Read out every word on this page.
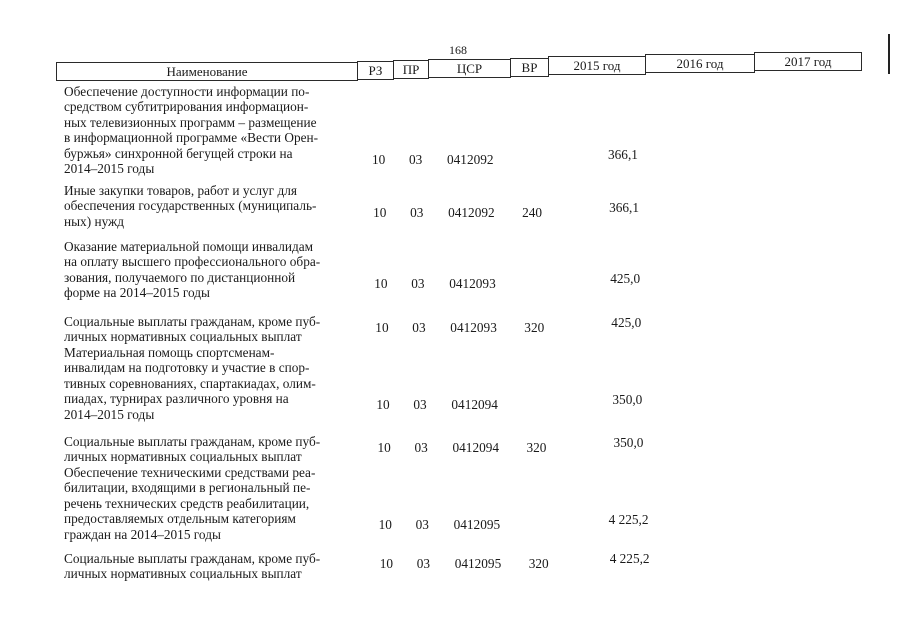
168
Наименование	РЗ	ПР	ЦСР	ВР	2015 год	2016 год	2017 год
Обеспечение доступности информации по-
средством субтитрирования информацион-
ных телевизионных программ – размещение
в информационной программе «Вести Орен-
буржья» синхронной бегущей строки на
2014–2015 годы
10 03 0412092	366,1
Иные закупки товаров, работ и услуг для
обеспечения государственных (муниципаль-
ных) нужд
10 03 0412092 240	366,1
Оказание материальной помощи инвалидам
на оплату высшего профессионального обра-
зования, получаемого по дистанционной
форме на 2014–2015 годы
10 03 0412093	425,0
Социальные выплаты гражданам, кроме пуб-
личных нормативных социальных выплат
10 03 0412093 320	425,0
Материальная помощь спортсменам-
инвалидам на подготовку и участие в спор-
тивных соревнованиях, спартакиадах, олим-
пиадах, турнирах различного уровня на
2014–2015 годы
10 03 0412094	350,0
Социальные выплаты гражданам, кроме пуб-
личных нормативных социальных выплат
10 03 0412094 320	350,0
Обеспечение техническими средствами реа-
билитации, входящими в региональный пе-
речень технических средств реабилитации,
предоставляемых отдельным категориям
граждан на 2014–2015 годы
10 03 0412095	4 225,2
Социальные выплаты гражданам, кроме пуб-
личных нормативных социальных выплат
10 03 0412095 320	4 225,2
